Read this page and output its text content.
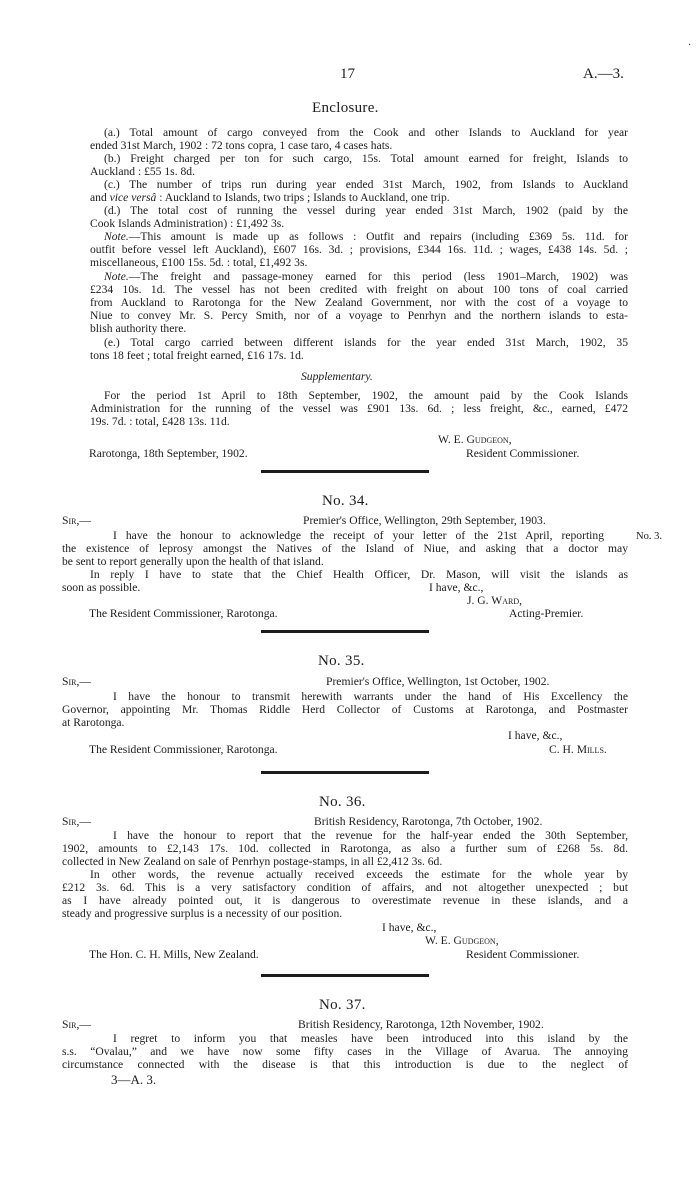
17	A.—3.
·
Enclosure.
(a.) Total amount of cargo conveyed from the Cook and other Islands to Auckland for year
ended 31st March, 1902 : 72 tons copra, 1 case taro, 4 cases hats.
(b.) Freight charged per ton for such cargo, 15s. Total amount earned for freight, Islands to
Auckland : £55 1s. 8d.
(c.) The number of trips run during year ended 31st March, 1902, from Islands to Auckland
and vice versâ : Auckland to Islands, two trips ; Islands to Auckland, one trip.
(d.) The total cost of running the vessel during year ended 31st March, 1902 (paid by the
Cook Islands Administration) : £1,492 3s.
Note.—This amount is made up as follows : Outfit and repairs (including £369 5s. 11d. for
outfit before vessel left Auckland), £607 16s. 3d. ; provisions, £344 16s. 11d. ; wages, £438 14s. 5d. ;
miscellaneous, £100 15s. 5d. : total, £1,492 3s.
Note.—The freight and passage-money earned for this period (less 1901–March, 1902) was
£234 10s. 1d. The vessel has not been credited with freight on about 100 tons of coal carried
from Auckland to Rarotonga for the New Zealand Government, nor with the cost of a voyage to
Niue to convey Mr. S. Percy Smith, nor of a voyage to Penrhyn and the northern islands to esta-
blish authority there.
(e.) Total cargo carried between different islands for the year ended 31st March, 1902, 35
tons 18 feet ; total freight earned, £16 17s. 1d.
Supplementary.
For the period 1st April to 18th September, 1902, the amount paid by the Cook Islands
Administration for the running of the vessel was £901 13s. 6d. ; less freight, &c., earned, £472
19s. 7d. : total, £428 13s. 11d.
W. E. Gudgeon,
Rarotonga, 18th September, 1902.	Resident Commissioner.
No. 34.
Sir,—	Premier's Office, Wellington, 29th September, 1903.
I have the honour to acknowledge the receipt of your letter of the 21st April, reporting	No. 3.
the existence of leprosy amongst the Natives of the Island of Niue, and asking that a doctor may
be sent to report generally upon the health of that island.
In reply I have to state that the Chief Health Officer, Dr. Mason, will visit the islands as
soon as possible.	I have, &c.,
J. G. Ward,
The Resident Commissioner, Rarotonga.	Acting-Premier.
No. 35.
Sir,—	Premier's Office, Wellington, 1st October, 1902.
I have the honour to transmit herewith warrants under the hand of His Excellency the
Governor, appointing Mr. Thomas Riddle Herd Collector of Customs at Rarotonga, and Postmaster
at Rarotonga.
I have, &c.,
The Resident Commissioner, Rarotonga.	C. H. Mills.
No. 36.
Sir,—	British Residency, Rarotonga, 7th October, 1902.
I have the honour to report that the revenue for the half-year ended the 30th September,
1902, amounts to £2,143 17s. 10d. collected in Rarotonga, as also a further sum of £268 5s. 8d.
collected in New Zealand on sale of Penrhyn postage-stamps, in all £2,412 3s. 6d.
In other words, the revenue actually received exceeds the estimate for the whole year by
£212 3s. 6d. This is a very satisfactory condition of affairs, and not altogether unexpected ; but
as I have already pointed out, it is dangerous to overestimate revenue in these islands, and a
steady and progressive surplus is a necessity of our position.
I have, &c.,
W. E. Gudgeon,
The Hon. C. H. Mills, New Zealand.	Resident Commissioner.
No. 37.
Sir,—	British Residency, Rarotonga, 12th November, 1902.
I regret to inform you that measles have been introduced into this island by the
s.s. “Ovalau,” and we have now some fifty cases in the Village of Avarua. The annoying
circumstance connected with the disease is that this introduction is due to the neglect of
3—A. 3.
